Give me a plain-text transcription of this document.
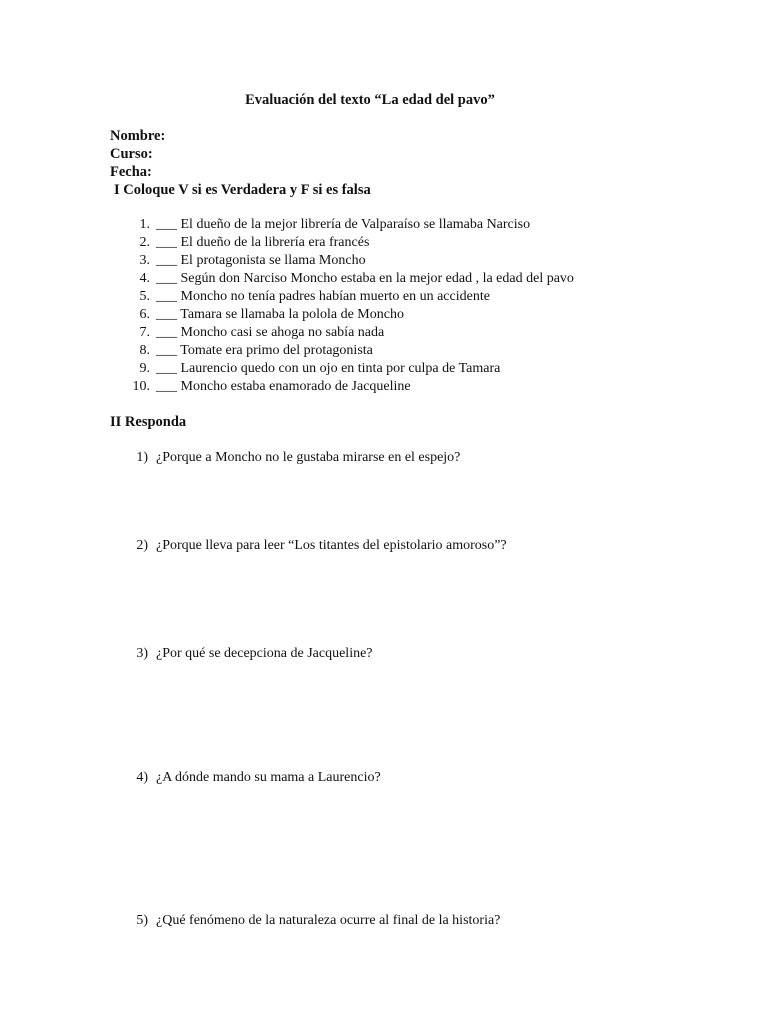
Evaluación del texto “La edad del pavo”
Nombre:
Curso:
Fecha:
I Coloque V si es Verdadera y F si es falsa
1. ___ El dueño de la mejor librería de Valparaíso se llamaba Narciso
2. ___ El dueño de la librería era francés
3. ___ El protagonista se llama Moncho
4. ___ Según don Narciso Moncho estaba en la mejor edad , la edad del pavo
5. ___ Moncho no tenía padres habían muerto en un accidente
6. ___ Tamara se llamaba la polola de Moncho
7. ___ Moncho casi se ahoga no sabía nada
8. ___ Tomate era primo del protagonista
9. ___ Laurencio quedo con un ojo en tinta por culpa de Tamara
10. ___ Moncho estaba enamorado de Jacqueline
II Responda
1) ¿Porque a Moncho no le gustaba mirarse en el espejo?
2) ¿Porque lleva para leer “Los titantes del epistolario amoroso”?
3) ¿Por qué se decepciona de Jacqueline?
4) ¿A dónde mando su mama a Laurencio?
5) ¿Qué fenómeno de la naturaleza ocurre al final de la historia?
